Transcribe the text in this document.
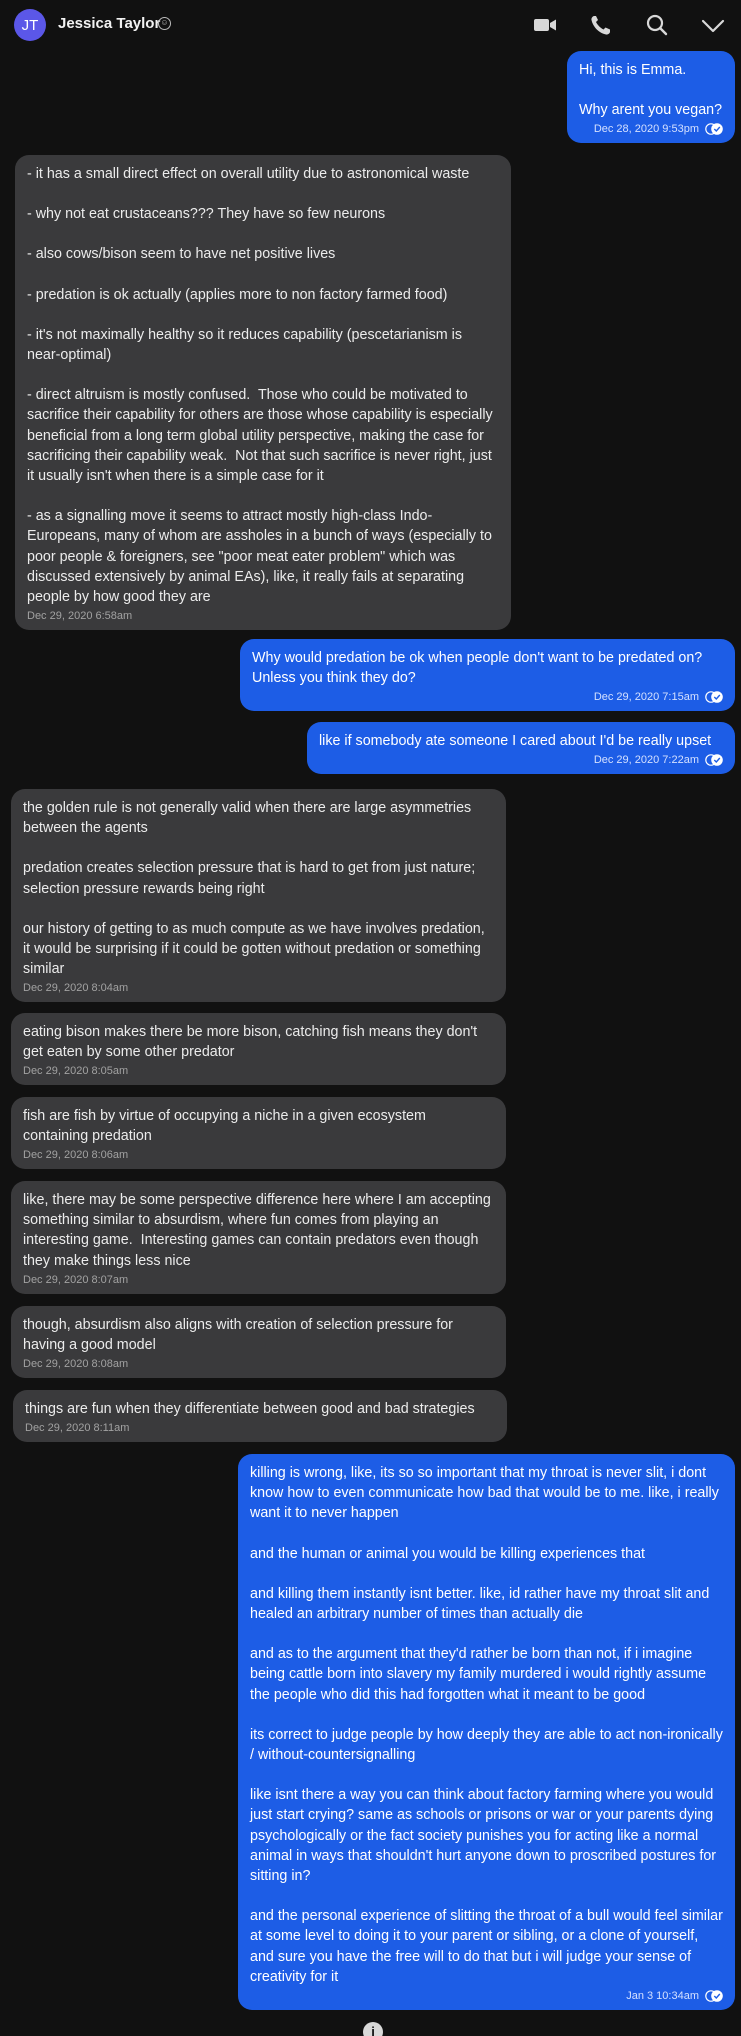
JT	Jessica Taylor ☺
Hi, this is Emma.
Why arent you vegan?
Dec 28, 2020 9:53pm
- it has a small direct effect on overall utility due to astronomical waste
- why not eat crustaceans??? They have so few neurons
- also cows/bison seem to have net positive lives
- predation is ok actually (applies more to non factory farmed food)
- it's not maximally healthy so it reduces capability (pescetarianism is near-optimal)
- direct altruism is mostly confused.  Those who could be motivated to sacrifice their capability for others are those whose capability is especially beneficial from a long term global utility perspective, making the case for sacrificing their capability weak.  Not that such sacrifice is never right, just it usually isn't when there is a simple case for it
- as a signalling move it seems to attract mostly high-class Indo-Europeans, many of whom are assholes in a bunch of ways (especially to poor people & foreigners, see "poor meat eater problem" which was discussed extensively by animal EAs), like, it really fails at separating people by how good they are
Dec 29, 2020 6:58am
Why would predation be ok when people don't want to be predated on? Unless you think they do?
Dec 29, 2020 7:15am
like if somebody ate someone I cared about I'd be really upset
Dec 29, 2020 7:22am
the golden rule is not generally valid when there are large asymmetries between the agents
predation creates selection pressure that is hard to get from just nature; selection pressure rewards being right
our history of getting to as much compute as we have involves predation, it would be surprising if it could be gotten without predation or something similar
Dec 29, 2020 8:04am
eating bison makes there be more bison, catching fish means they don't get eaten by some other predator
Dec 29, 2020 8:05am
fish are fish by virtue of occupying a niche in a given ecosystem containing predation
Dec 29, 2020 8:06am
like, there may be some perspective difference here where I am accepting something similar to absurdism, where fun comes from playing an interesting game.  Interesting games can contain predators even though they make things less nice
Dec 29, 2020 8:07am
though, absurdism also aligns with creation of selection pressure for having a good model
Dec 29, 2020 8:08am
things are fun when they differentiate between good and bad strategies
Dec 29, 2020 8:11am
killing is wrong, like, its so so important that my throat is never slit, i dont know how to even communicate how bad that would be to me. like, i really want it to never happen
and the human or animal you would be killing experiences that
and killing them instantly isnt better. like, id rather have my throat slit and healed an arbitrary number of times than actually die
and as to the argument that they'd rather be born than not, if i imagine being cattle born into slavery my family murdered i would rightly assume the people who did this had forgotten what it meant to be good
its correct to judge people by how deeply they are able to act non-ironically / without-countersignalling
like isnt there a way you can think about factory farming where you would just start crying? same as schools or prisons or war or your parents dying psychologically or the fact society punishes you for acting like a normal animal in ways that shouldn't hurt anyone down to proscribed postures for sitting in?
and the personal experience of slitting the throat of a bull would feel similar at some level to doing it to your parent or sibling, or a clone of yourself, and sure you have the free will to do that but i will judge your sense of creativity for it
Jan 3 10:34am
i
